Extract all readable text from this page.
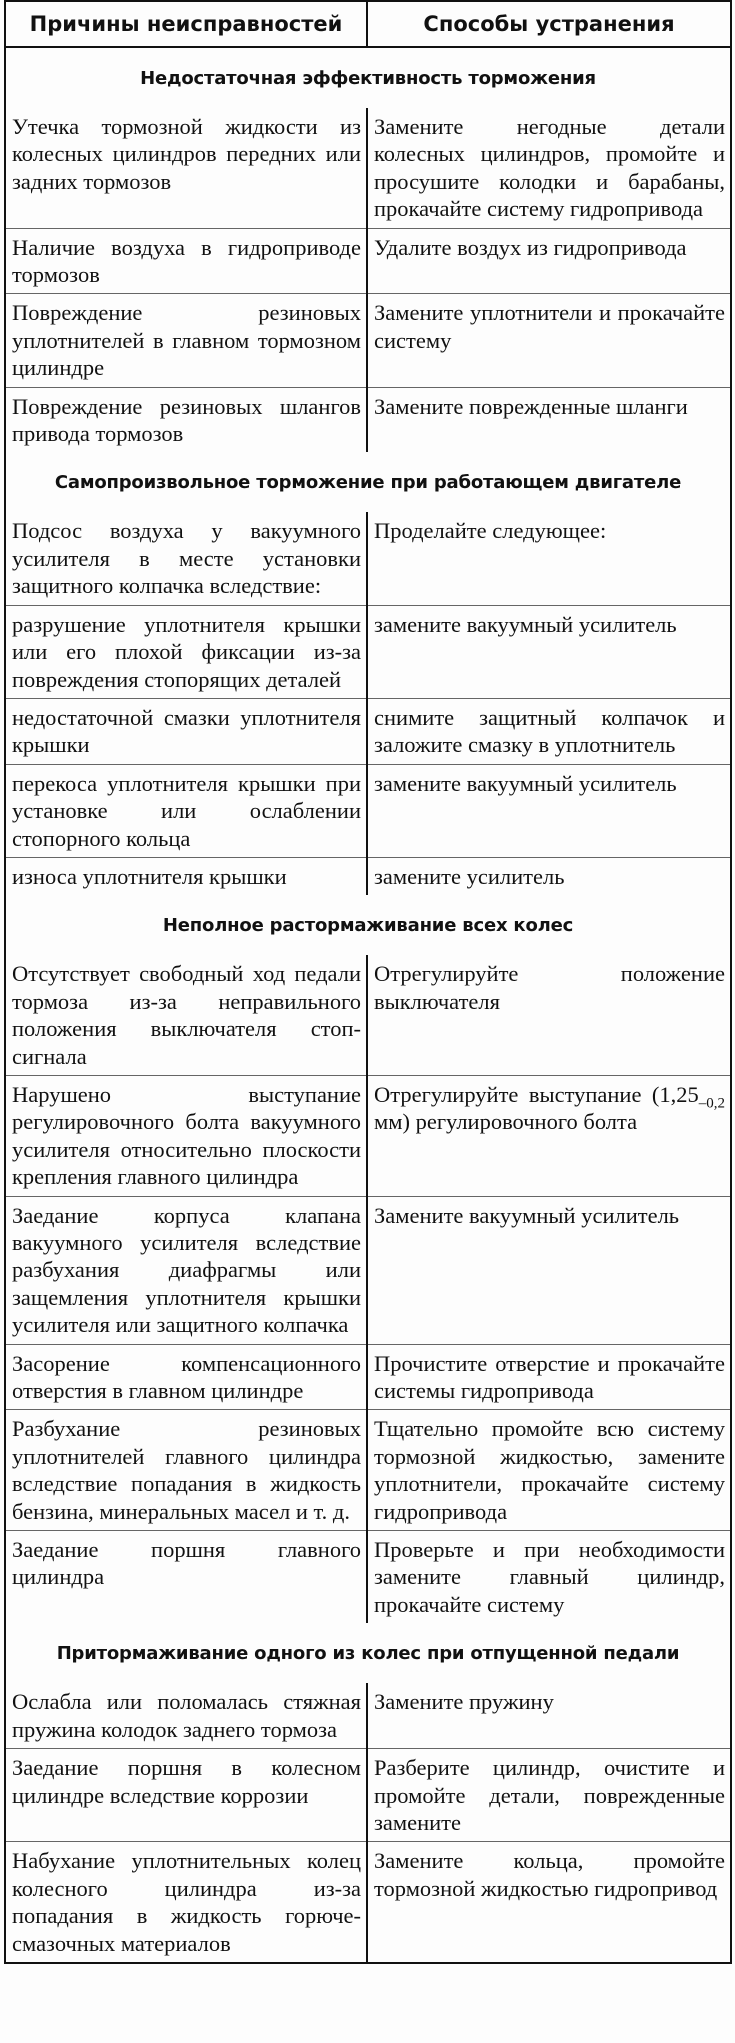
Причины неисправностей	Способы устранения
Недостаточная эффективность торможения	
Утечка тормозной жидкости из колесных цилиндров передних или задних тормозов	Замените негодные детали колесных цилиндров, промойте и просушите колодки и барабаны, прокачайте систему гидропривода
Наличие воздуха в гидроприводе тормозов	Удалите воздух из гидропривода
Повреждение резиновых уплотнителей в главном тормозном цилиндре	Замените уплотнители и прокачайте систему
Повреждение резиновых шлангов привода тормозов	Замените поврежденные шланги
Самопроизвольное торможение при работающем двигателе	
Подсос воздуха у вакуумного усилителя в месте установки защитного колпачка вследствие:	Проделайте следующее:
разрушение уплотнителя крышки или его плохой фиксации из-за повреждения стопорящих деталей	замените вакуумный усилитель
недостаточной смазки уплотнителя крышки	снимите защитный колпачок и заложите смазку в уплотнитель
перекоса уплотнителя крышки при установке или ослаблении стопорного кольца	замените вакуумный усилитель
износа уплотнителя крышки	замените усилитель
Неполное растормаживание всех колес	
Отсутствует свободный ход педали тормоза из-за неправильного положения выключателя стоп-сигнала	Отрегулируйте положение выключателя
Нарушено выступание регулировочного болта вакуумного усилителя относительно плоскости крепления главного цилиндра	Отрегулируйте выступание ($1,25_{-0,2}$ мм) регулировочного болта
Заедание корпуса клапана вакуумного усилителя вследствие разбухания диафрагмы или защемления уплотнителя крышки усилителя или защитного колпачка	Замените вакуумный усилитель
Засорение компенсационного отверстия в главном цилиндре	Прочистите отверстие и прокачайте системы гидропривода
Разбухание резиновых уплотнителей главного цилиндра вследствие попадания в жидкость бензина, минеральных масел и т. д.	Тщательно промойте всю систему тормозной жидкостью, замените уплотнители, прокачайте систему гидропривода
Заедание поршня главного цилиндра	Проверьте и при необходимости замените главный цилиндр, прокачайте систему
Притормаживание одного из колес при отпущенной педали	
Ослабла или поломалась стяжная пружина колодок заднего тормоза	Замените пружину
Заедание поршня в колесном цилиндре вследствие коррозии	Разберите цилиндр, очистите и промойте детали, поврежденные замените
Набухание уплотнительных колец колесного цилиндра из-за попадания в жидкость горюче-смазочных материалов	Замените кольца, промойте тормозной жидкостью гидропривод
